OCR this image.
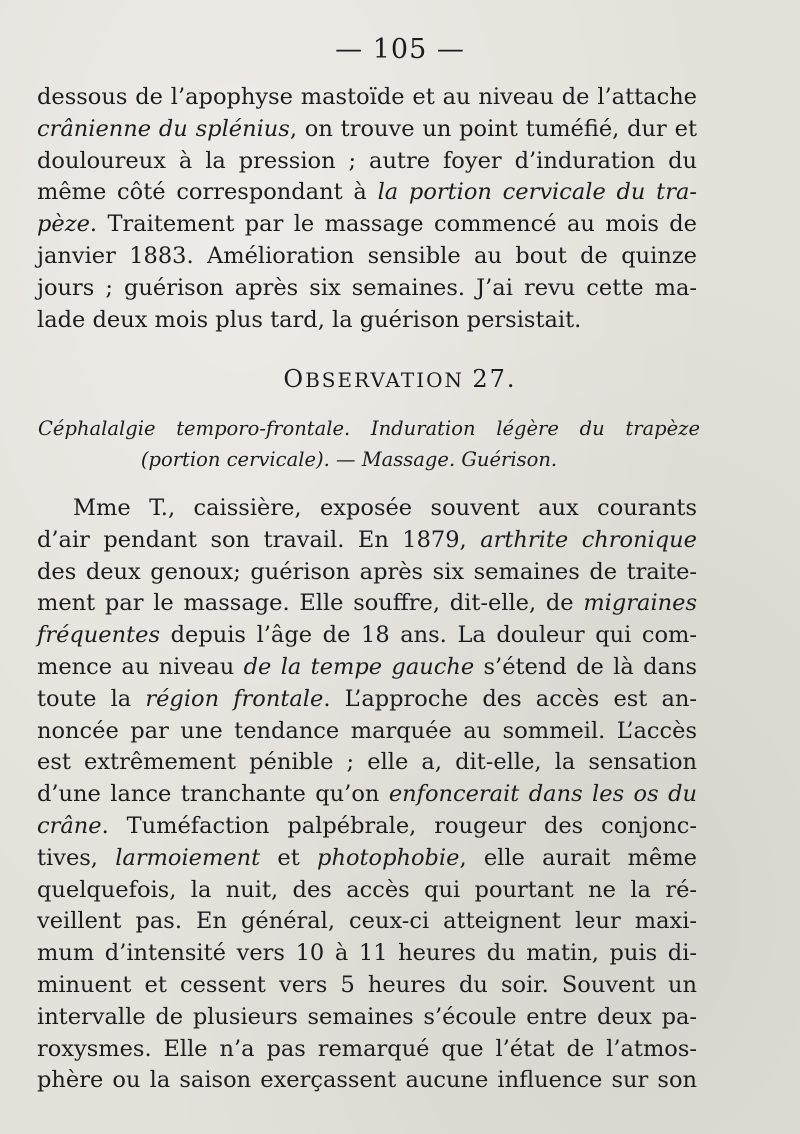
— 105 —
dessous de l’apophyse mastoïde et au niveau de l’attache
crânienne du splénius, on trouve un point tuméfié, dur et
douloureux à la pression ; autre foyer d’induration du
même côté correspondant à la portion cervicale du tra-
pèze. Traitement par le massage commencé au mois de
janvier 1883. Amélioration sensible au bout de quinze
jours ; guérison après six semaines. J’ai revu cette ma-
lade deux mois plus tard, la guérison persistait.
OBSERVATION 27.
Céphalalgie temporo-frontale. Induration légère du trapèze
(portion cervicale). — Massage. Guérison.
Mme T., caissière, exposée souvent aux courants
d’air pendant son travail. En 1879, arthrite chronique
des deux genoux; guérison après six semaines de traite-
ment par le massage. Elle souffre, dit-elle, de migraines
fréquentes depuis l’âge de 18 ans. La douleur qui com-
mence au niveau de la tempe gauche s’étend de là dans
toute la région frontale. L’approche des accès est an-
noncée par une tendance marquée au sommeil. L’accès
est extrêmement pénible ; elle a, dit-elle, la sensation
d’une lance tranchante qu’on enfoncerait dans les os du
crâne. Tuméfaction palpébrale, rougeur des conjonc-
tives, larmoiement et photophobie, elle aurait même
quelquefois, la nuit, des accès qui pourtant ne la ré-
veillent pas. En général, ceux-ci atteignent leur maxi-
mum d’intensité vers 10 à 11 heures du matin, puis di-
minuent et cessent vers 5 heures du soir. Souvent un
intervalle de plusieurs semaines s’écoule entre deux pa-
roxysmes. Elle n’a pas remarqué que l’état de l’atmos-
phère ou la saison exerçassent aucune influence sur son
